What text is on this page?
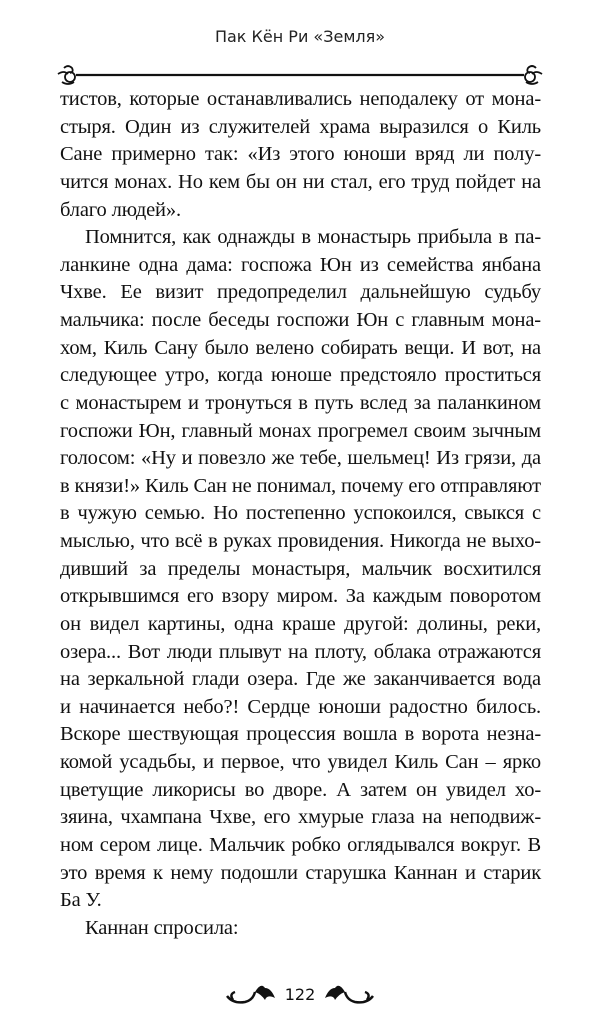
Пак Кён Ри «Земля»
тистов, которые останавливались неподалеку от мона-
стыря. Один из служителей храма выразился о Киль
Сане примерно так: «Из этого юноши вряд ли полу-
чится монах. Но кем бы он ни стал, его труд пойдет на
благо людей».
Помнится, как однажды в монастырь прибыла в па-
ланкине одна дама: госпожа Юн из семейства янбана
Чхве. Ее визит предопределил дальнейшую судьбу
мальчика: после беседы госпожи Юн с главным мона-
хом, Киль Сану было велено собирать вещи. И вот, на
следующее утро, когда юноше предстояло проститься
с монастырем и тронуться в путь вслед за паланкином
госпожи Юн, главный монах прогремел своим зычным
голосом: «Ну и повезло же тебе, шельмец! Из грязи, да
в князи!» Киль Сан не понимал, почему его отправляют
в чужую семью. Но постепенно успокоился, свыкся с
мыслью, что всё в руках провидения. Никогда не выхо-
дивший за пределы монастыря, мальчик восхитился
открывшимся его взору миром. За каждым поворотом
он видел картины, одна краше другой: долины, реки,
озера... Вот люди плывут на плоту, облака отражаются
на зеркальной глади озера. Где же заканчивается вода
и начинается небо?! Сердце юноши радостно билось.
Вскоре шествующая процессия вошла в ворота незна-
комой усадьбы, и первое, что увидел Киль Сан – ярко
цветущие ликорисы во дворе. А затем он увидел хо-
зяина, чхампана Чхве, его хмурые глаза на неподвиж-
ном сером лице. Мальчик робко оглядывался вокруг. В
это время к нему подошли старушка Каннан и старик
Ба У.
Каннан спросила:
122
